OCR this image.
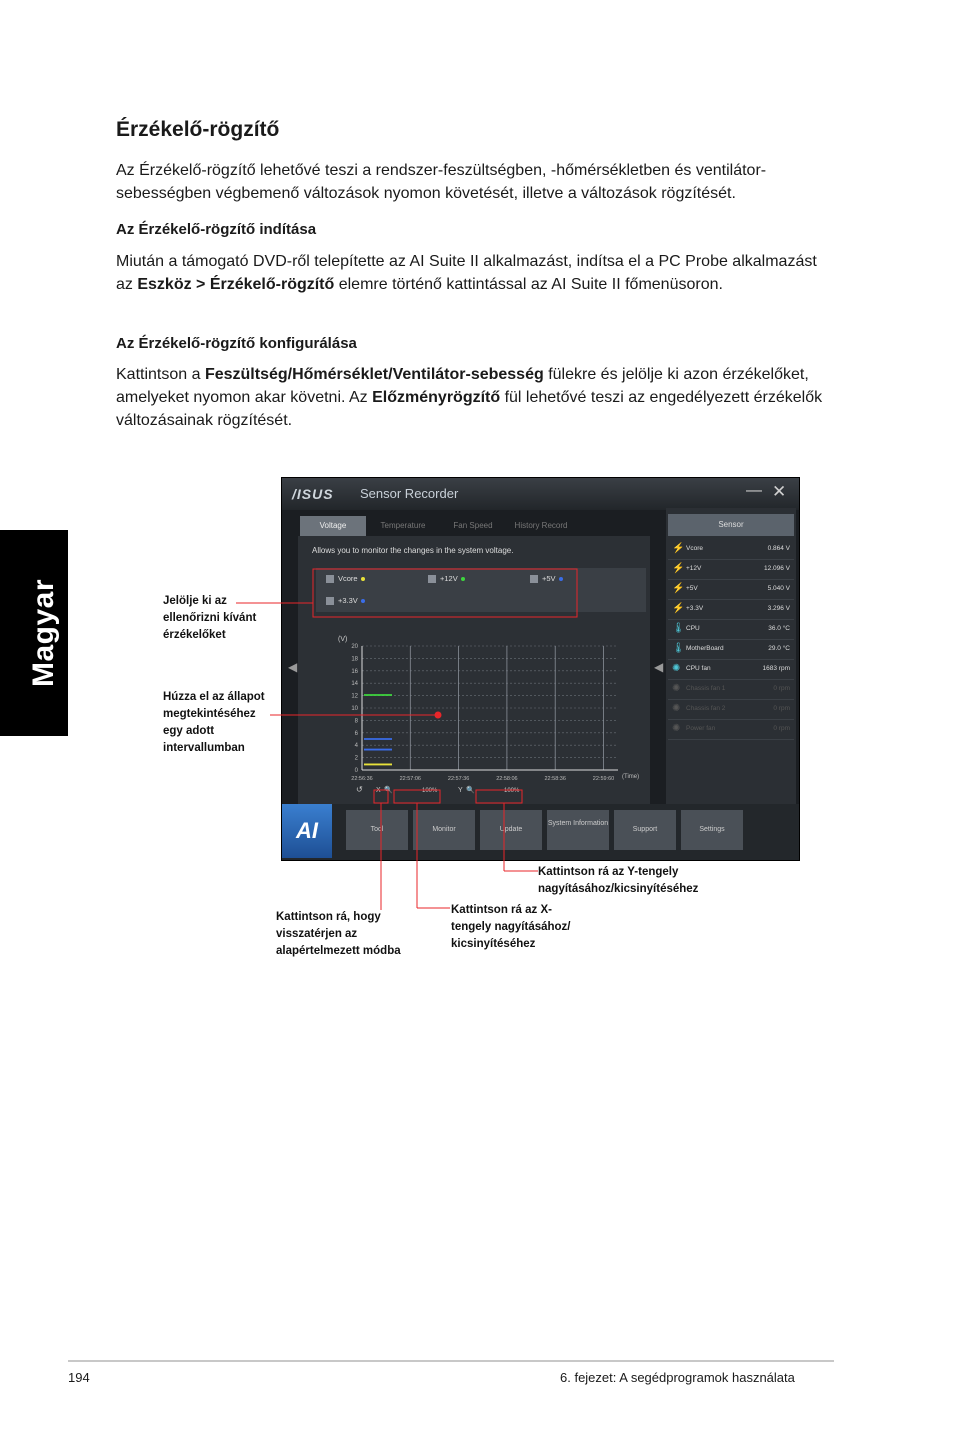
Magyar
Érzékelő-rögzítő

Az Érzékelő-rögzítő lehetővé teszi a rendszer-feszültségben, -hőmérsékletben és ventilátor-sebességben végbemenő változások nyomon követését, illetve a változások rögzítését.

Az Érzékelő-rögzítő indítása

Miután a támogató DVD-ről telepítette az AI Suite II alkalmazást, indítsa el a PC Probe alkalmazást az Eszköz > Érzékelő-rögzítő elemre történő kattintással az AI Suite II főmenüsoron.

Az Érzékelő-rögzítő konfigurálása

Kattintson a Feszültség/Hőmérséklet/Ventilátor-sebesség fülekre és jelölje ki azon érzékelőket, amelyeket nyomon akar követni. Az Előzményrögzítő fül lehetővé teszi az engedélyezett érzékelők változásainak rögzítését.

/ISUS Sensor Recorder	— ✕
Voltage	Temperature	Fan Speed	History Record
◀	◀
Allows you to monitor the changes in the system voltage.
Vcore	+12V	+5V
+3.3V
(V)
20
18
16
14
12
10
8
6
4
2
0
22:56:36	22:57:06	22:57:36	22:58:06	22:58:36	22:59:60 (Time)
↺ X 🔍	100%	Y 🔍	100%
Sensor
⚡ Vcore	0.864 V
⚡ +12V	12.096 V
⚡ +5V	5.040 V
⚡ +3.3V	3.296 V
🌡 CPU	36.0 °C
🌡 MotherBoard	29.0 °C
✺ CPU fan	1683 rpm
✺ Chassis fan 1	0 rpm
✺ Chassis fan 2	0 rpm
✺ Power fan	0 rpm
AI	Tool	Monitor	Update
System Information
Support	Settings
Jelölje ki az ellenőrizni kívánt érzékelőket
Húzza el az állapot megtekintéséhez egy adott intervallumban
Kattintson rá az Y-tengely nagyításához/kicsinyítéséhez
Kattintson rá az X-tengely nagyításához/ kicsinyítéséhez
Kattintson rá, hogy visszatérjen az alapértelmezett módba
194	6. fejezet: A segédprogramok használata
